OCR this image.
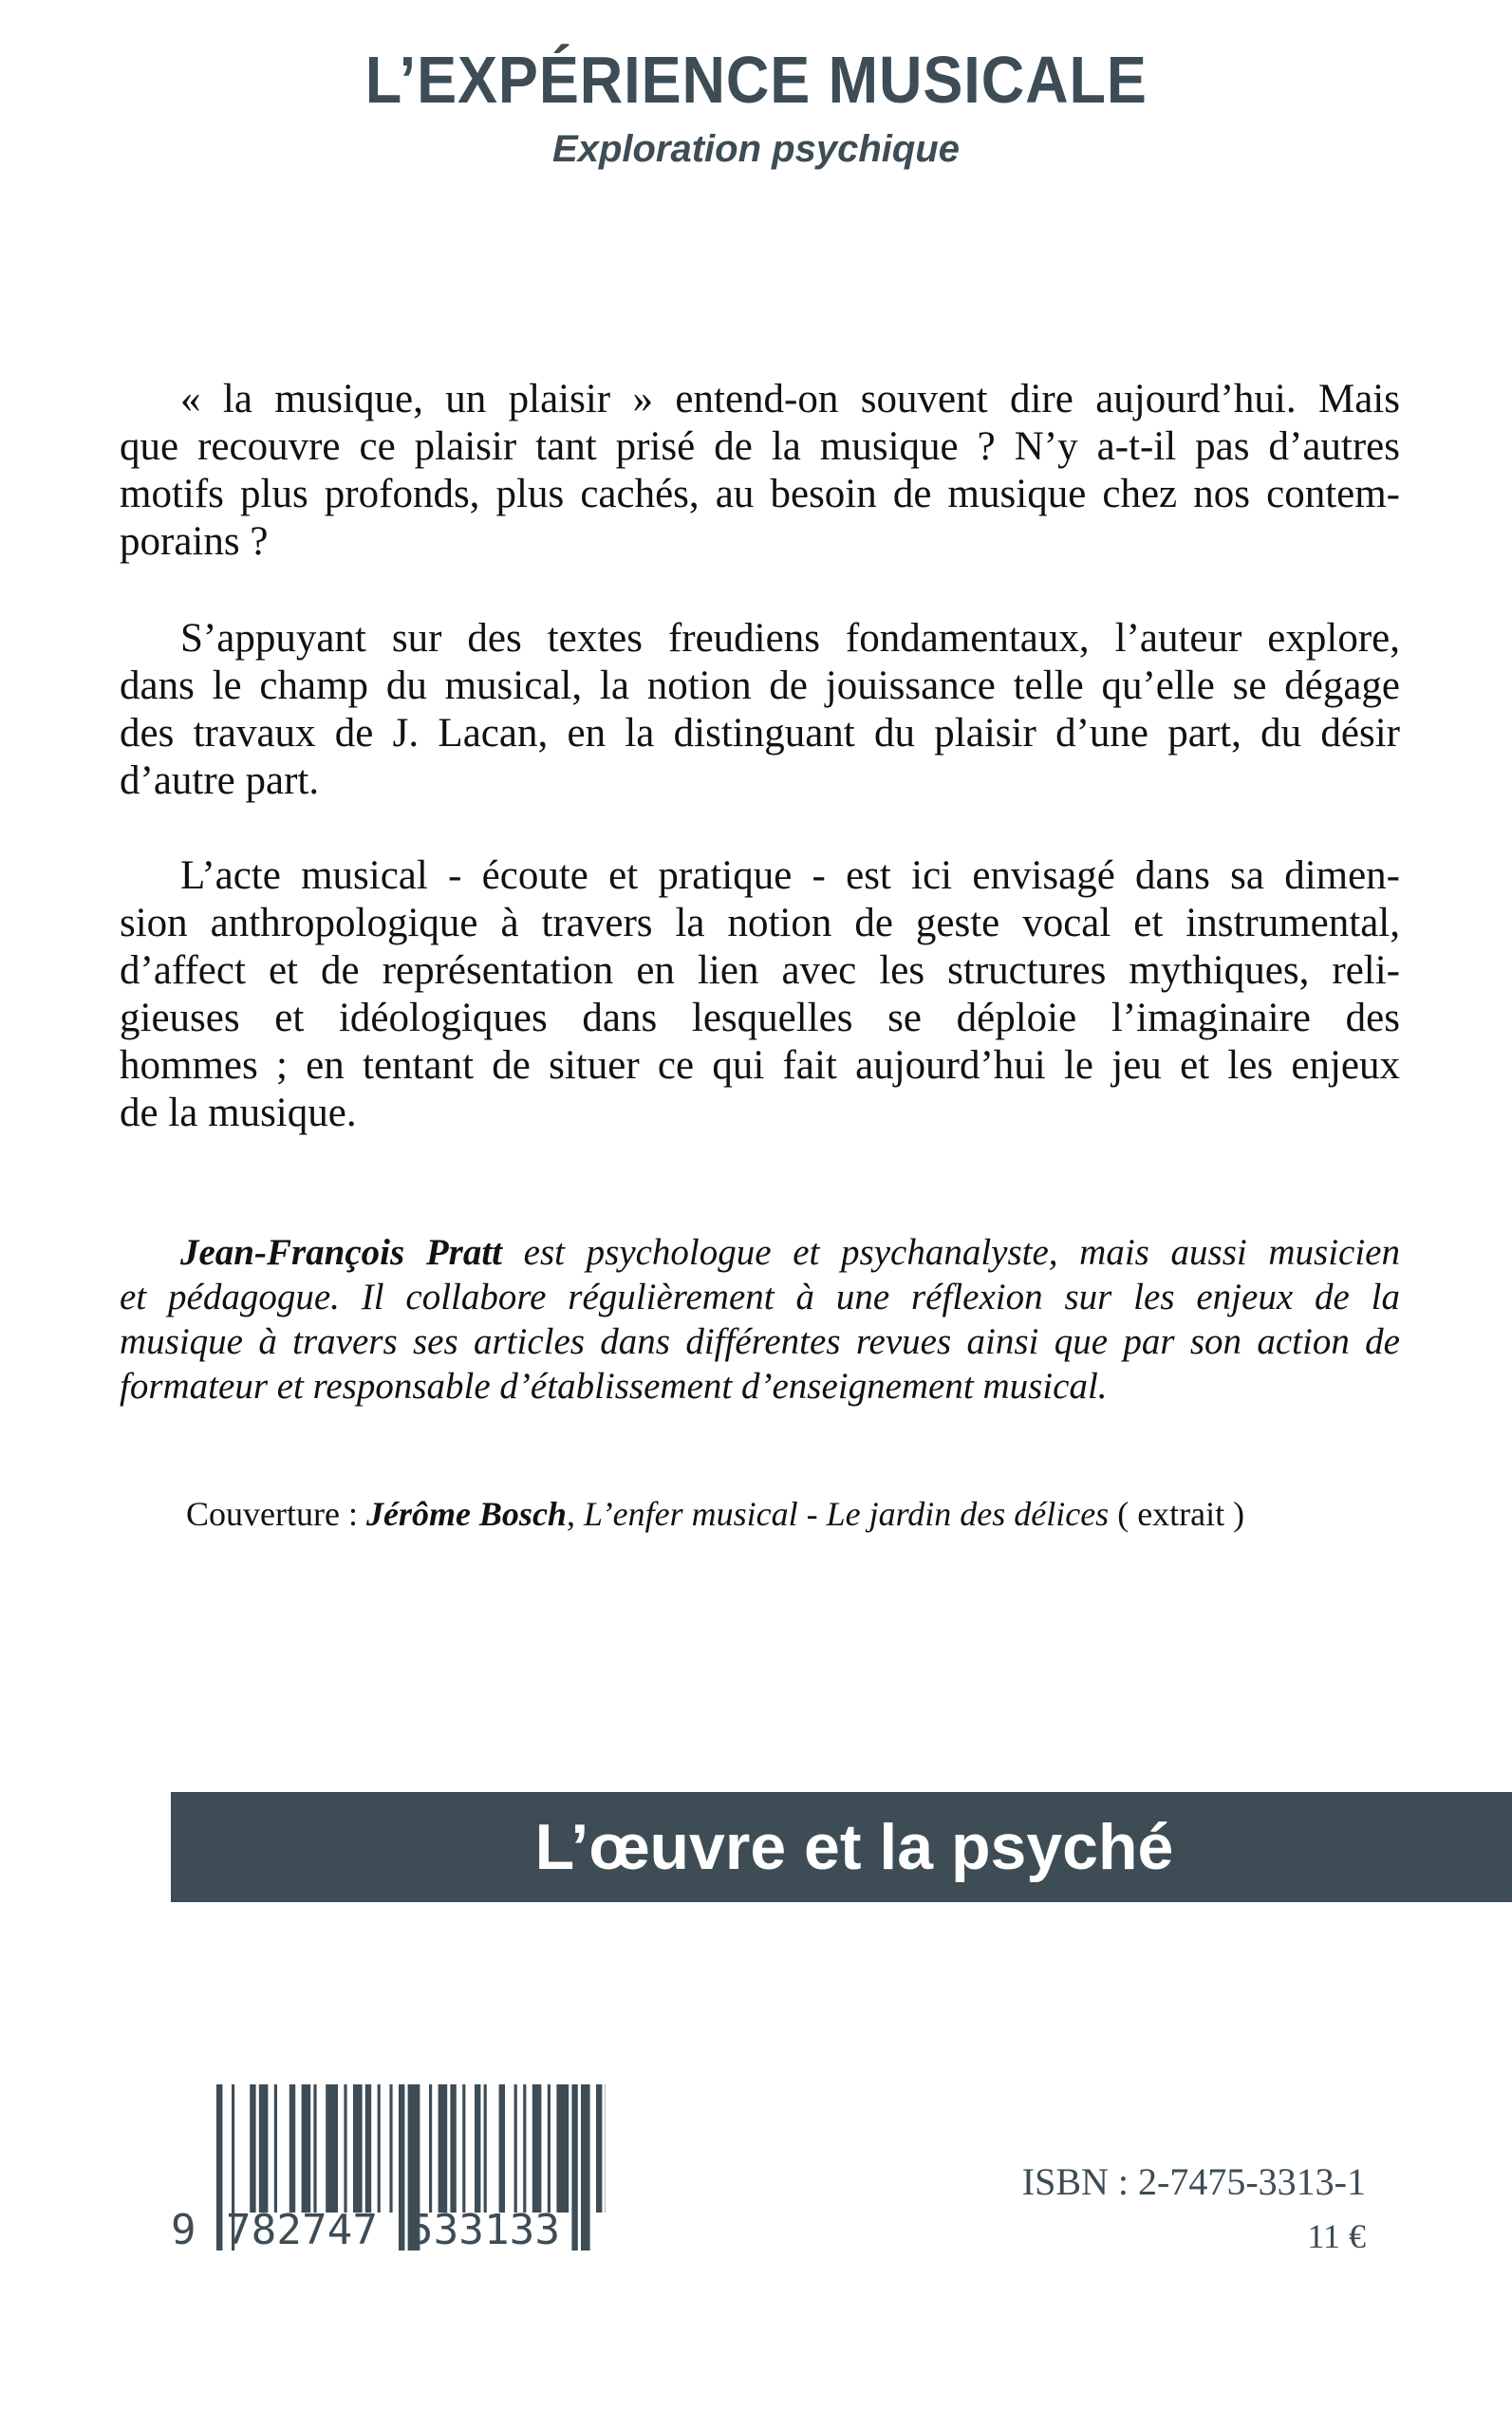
L’EXPÉRIENCE MUSICALE
Exploration psychique
« la musique, un plaisir » entend-on souvent dire aujourd’hui. Mais
que recouvre ce plaisir tant prisé de la musique ? N’y a-t-il pas d’autres
motifs plus profonds, plus cachés, au besoin de musique chez nos contem-
porains ?
S’appuyant sur des textes freudiens fondamentaux, l’auteur explore,
dans le champ du musical, la notion de jouissance telle qu’elle se dégage
des travaux de J. Lacan, en la distinguant du plaisir d’une part, du désir
d’autre part.
L’acte musical - écoute et pratique - est ici envisagé dans sa dimen-
sion anthropologique à travers la notion de geste vocal et instrumental,
d’affect et de représentation en lien avec les structures mythiques, reli-
gieuses et idéologiques dans lesquelles se déploie l’imaginaire des
hommes ; en tentant de situer ce qui fait aujourd’hui le jeu et les enjeux
de la musique.
Jean-François Pratt est psychologue et psychanalyste, mais aussi musicien
et pédagogue. Il collabore régulièrement à une réflexion sur les enjeux de la
musique à travers ses articles dans différentes revues ainsi que par son action de
formateur et responsable d’établissement d’enseignement musical.
Couverture : Jérôme Bosch, L’enfer musical - Le jardin des délices ( extrait )
L’œuvre et la psyché
9 782747 533133
ISBN : 2-7475-3313-1
11 €
